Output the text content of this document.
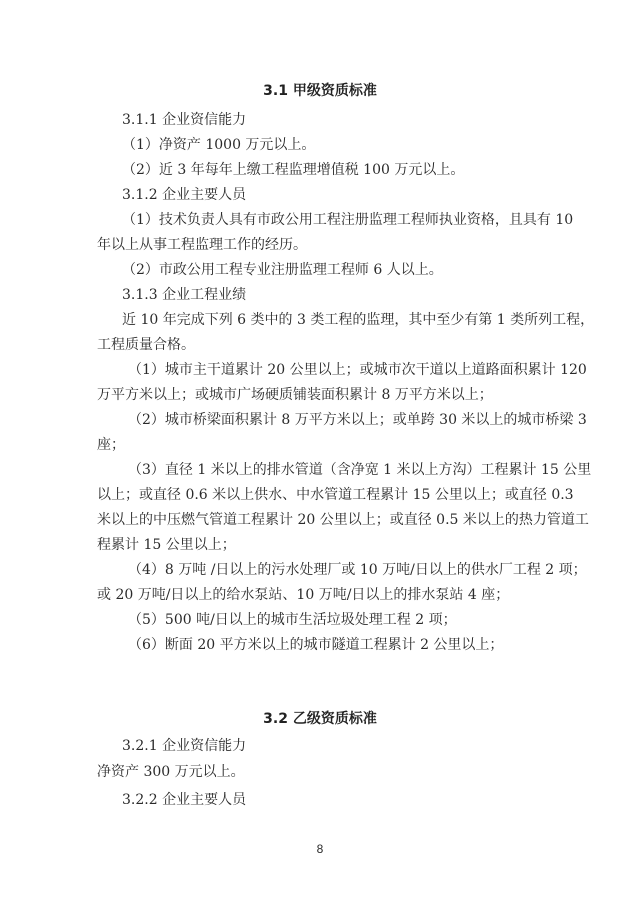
3.1 甲级资质标准
3.1.1 企业资信能力
（1）净资产 1000 万元以上。
（2）近 3 年每年上缴工程监理增值税 100 万元以上。
3.1.2 企业主要人员
（1）技术负责人具有市政公用工程注册监理工程师执业资格，且具有 10
年以上从事工程监理工作的经历。
（2）市政公用工程专业注册监理工程师 6 人以上。
3.1.3 企业工程业绩
近 10 年完成下列 6 类中的 3 类工程的监理，其中至少有第 1 类所列工程，
工程质量合格。
（1）城市主干道累计 20 公里以上；或城市次干道以上道路面积累计 120
万平方米以上；或城市广场硬质铺装面积累计 8 万平方米以上；
（2）城市桥梁面积累计 8 万平方米以上；或单跨 30 米以上的城市桥梁 3
座；
（3）直径 1 米以上的排水管道（含净宽 1 米以上方沟）工程累计 15 公里
以上；或直径 0.6 米以上供水、中水管道工程累计 15 公里以上；或直径 0.3
米以上的中压燃气管道工程累计 20 公里以上；或直径 0.5 米以上的热力管道工
程累计 15 公里以上；
（4）8 万吨 /日以上的污水处理厂或 10 万吨/日以上的供水厂工程 2 项；
或 20 万吨/日以上的给水泵站、10 万吨/日以上的排水泵站 4 座；
（5）500 吨/日以上的城市生活垃圾处理工程 2 项；
（6）断面 20 平方米以上的城市隧道工程累计 2 公里以上；
3.2 乙级资质标准
3.2.1 企业资信能力
净资产 300 万元以上。
3.2.2 企业主要人员
8
